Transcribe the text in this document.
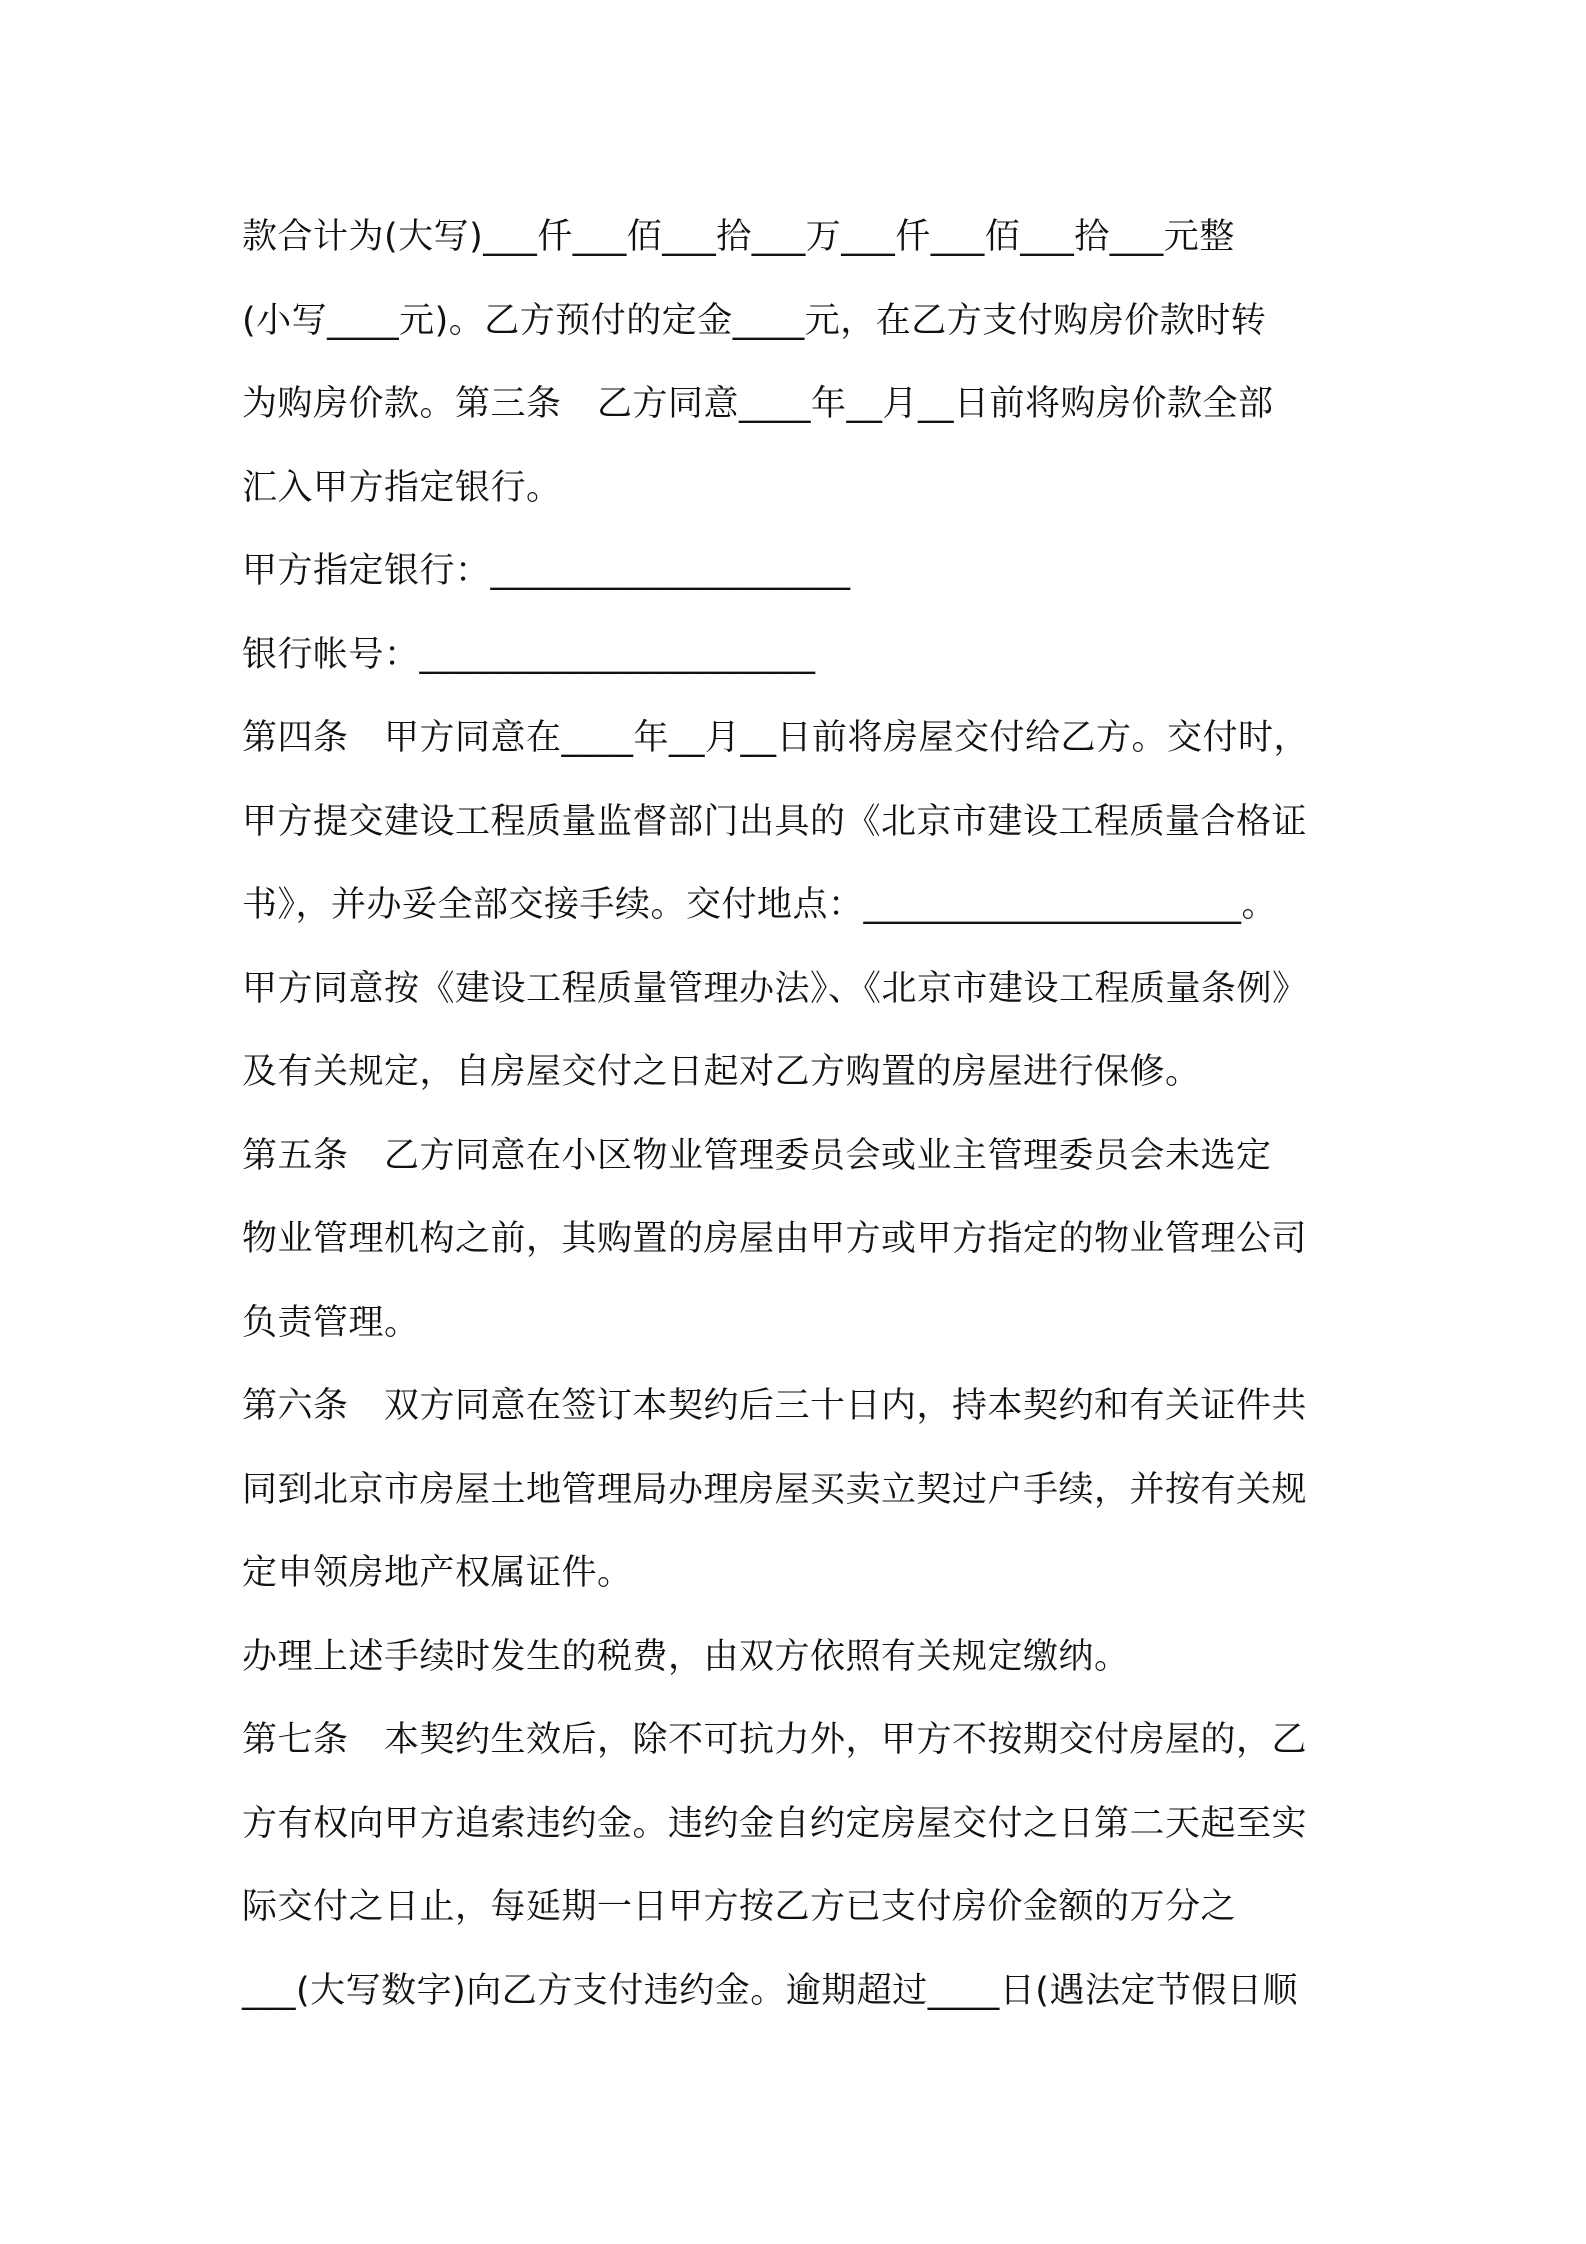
款合计为(大写)___仟___佰___拾___万___仟___佰___拾___元整
(小写____元)。乙方预付的定金____元，在乙方支付购房价款时转
为购房价款。第三条　乙方同意____年__月__日前将购房价款全部
汇入甲方指定银行。
甲方指定银行：____________________
银行帐号：______________________
第四条　甲方同意在____年__月__日前将房屋交付给乙方。交付时，
甲方提交建设工程质量监督部门出具的《北京市建设工程质量合格证
书》，并办妥全部交接手续。交付地点：_____________________。
甲方同意按《建设工程质量管理办法》、《北京市建设工程质量条例》
及有关规定，自房屋交付之日起对乙方购置的房屋进行保修。
第五条　乙方同意在小区物业管理委员会或业主管理委员会未选定
物业管理机构之前，其购置的房屋由甲方或甲方指定的物业管理公司
负责管理。
第六条　双方同意在签订本契约后三十日内，持本契约和有关证件共
同到北京市房屋土地管理局办理房屋买卖立契过户手续，并按有关规
定申领房地产权属证件。
办理上述手续时发生的税费，由双方依照有关规定缴纳。
第七条　本契约生效后，除不可抗力外，甲方不按期交付房屋的，乙
方有权向甲方追索违约金。违约金自约定房屋交付之日第二天起至实
际交付之日止，每延期一日甲方按乙方已支付房价金额的万分之
___(大写数字)向乙方支付违约金。逾期超过____日(遇法定节假日顺
